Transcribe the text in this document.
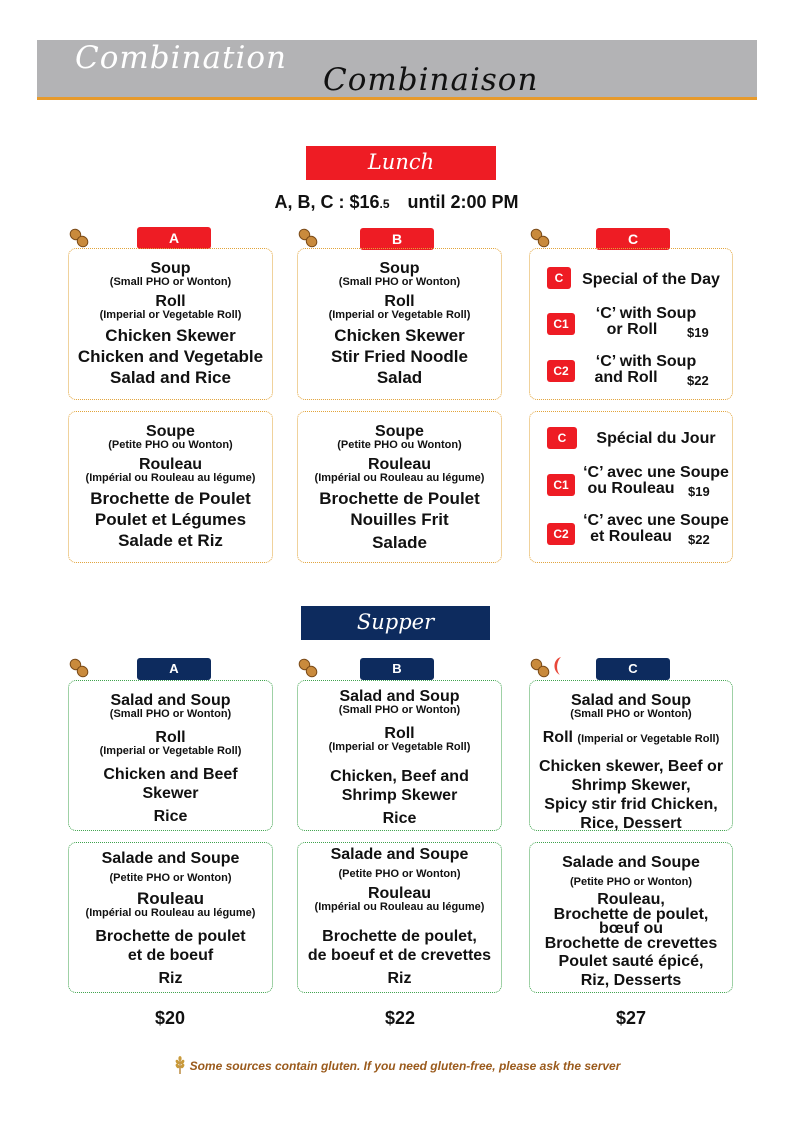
Combination
Combinaison
Lunch
A, B, C : $16.5 until 2:00 PM
A	B	C
Soup
(Small PHO or Wonton)
Roll
(Imperial or Vegetable Roll)
Chicken Skewer
Chicken and Vegetable
Salad and Rice
Soup
(Small PHO or Wonton)
Roll
(Imperial or Vegetable Roll)
Chicken Skewer
Stir Fried Noodle
Salad
C	Special of the Day
C1
‘C’ with Soup
or Roll	$19
C2
‘C’ with Soup
and Roll	$22
Soupe
(Petite PHO ou Wonton)
Rouleau
(Impérial ou Rouleau au légume)
Brochette de Poulet
Poulet et Légumes
Salade et Riz
Soupe
(Petite PHO ou Wonton)
Rouleau
(Impérial ou Rouleau au légume)
Brochette de Poulet
Nouilles Frit
Salade
C	Spécial du Jour
C1
‘C’ avec une Soupe
ou Rouleau	$19
C2
‘C’ avec une Soupe
et Rouleau	$22
Supper
A	B	C
Salad and Soup
(Small PHO or Wonton)
Roll
(Imperial or Vegetable Roll)
Chicken and Beef
Skewer
Rice
Salad and Soup
(Small PHO or Wonton)
Roll
(Imperial or Vegetable Roll)
Chicken, Beef and
Shrimp Skewer
Rice
Salad and Soup
(Small PHO or Wonton)
Roll (Imperial or Vegetable Roll)
Chicken skewer, Beef or
Shrimp Skewer,
Spicy stir frid Chicken,
Rice, Dessert
Salade and Soupe
(Petite PHO or Wonton)
Rouleau
(Impérial ou Rouleau au légume)
Brochette de poulet
et de boeuf
Riz
Salade and Soupe
(Petite PHO or Wonton)
Rouleau
(Impérial ou Rouleau au légume)
Brochette de poulet,
de boeuf et de crevettes
Riz
Salade and Soupe
(Petite PHO or Wonton)
Rouleau,
Brochette de poulet,
bœuf ou
Brochette de crevettes
Poulet sauté épicé,
Riz, Desserts
$20	$22	$27
Some sources contain gluten. If you need gluten-free, please ask the server
